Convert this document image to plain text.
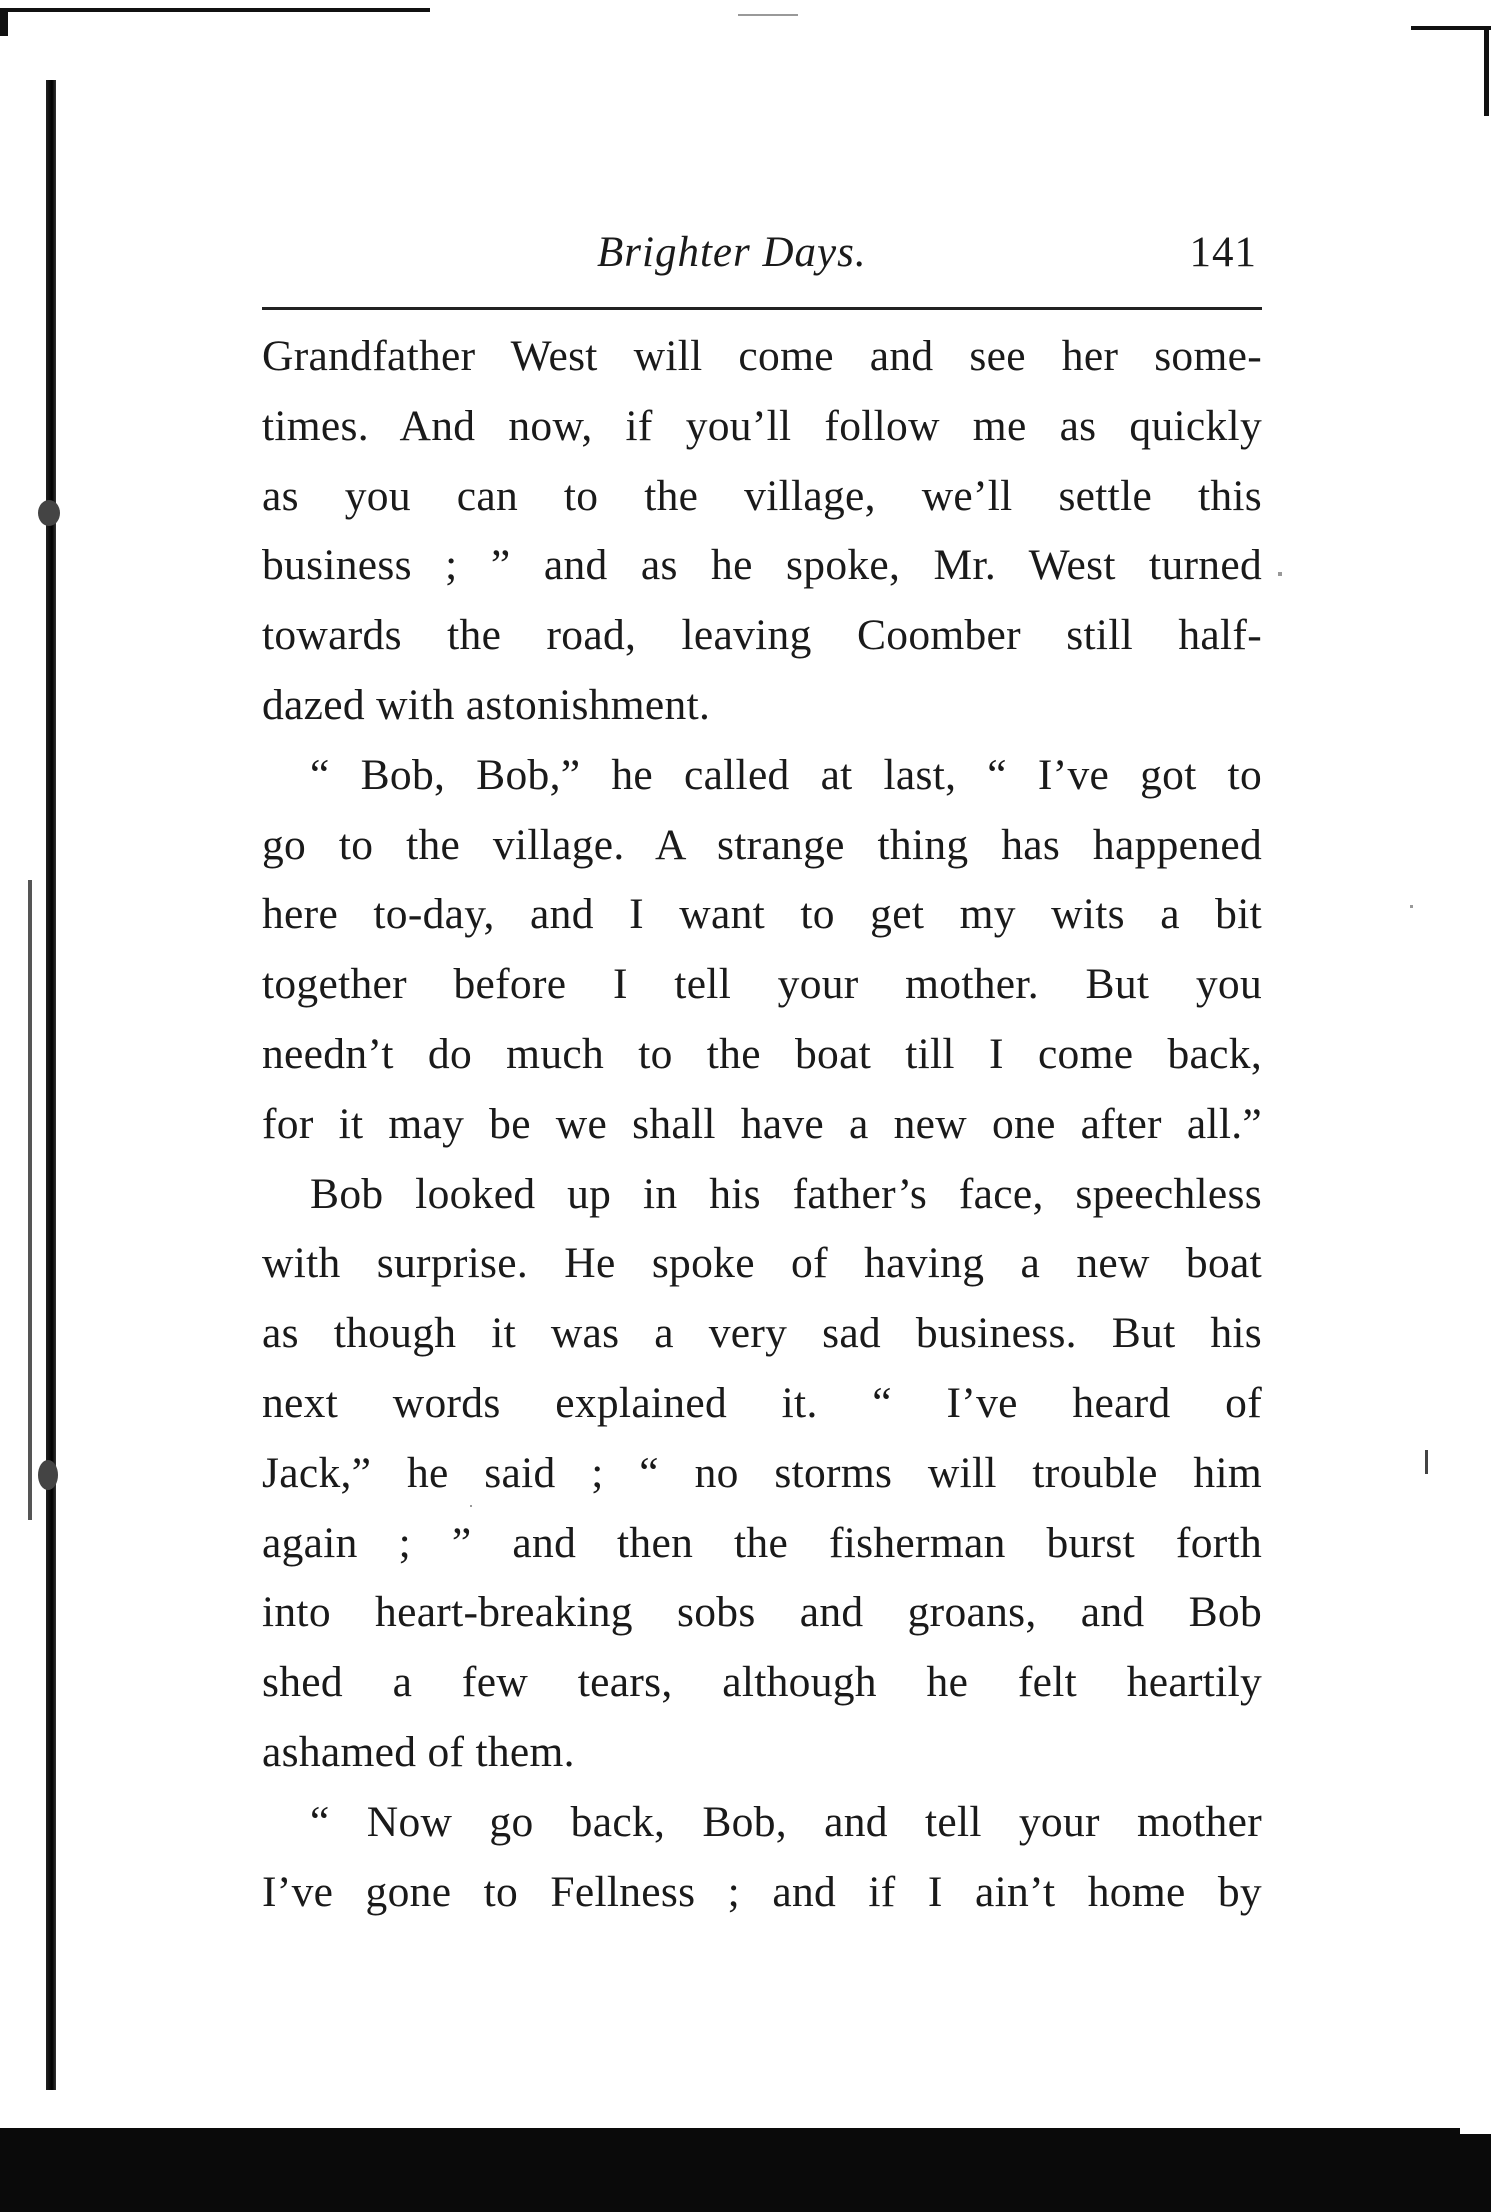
Brighter Days.	141
Grandfather West will come and see her some-
times. And now, if you’ll follow me as quickly
as you can to the village, we’ll settle this
business ; ” and as he spoke, Mr. West turned
towards the road, leaving Coomber still half-
dazed with astonishment.
“ Bob, Bob,” he called at last, “ I’ve got to
go to the village. A strange thing has happened
here to-day, and I want to get my wits a bit
together before I tell your mother. But you
needn’t do much to the boat till I come back,
for it may be we shall have a new one after all.”
Bob looked up in his father’s face, speechless
with surprise. He spoke of having a new boat
as though it was a very sad business. But his
next words explained it. “ I’ve heard of
Jack,” he said ; “ no storms will trouble him
again ; ” and then the fisherman burst forth
into heart-breaking sobs and groans, and Bob
shed a few tears, although he felt heartily
ashamed of them.
“ Now go back, Bob, and tell your mother
I’ve gone to Fellness ; and if I ain’t home by
